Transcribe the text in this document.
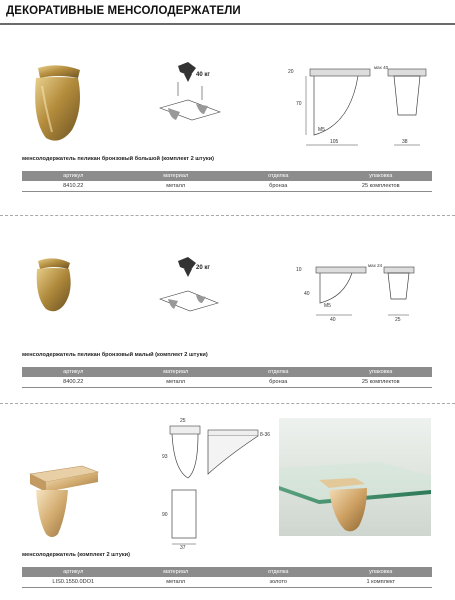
ДЕКОРАТИВНЫЕ МЕНСОЛОДЕРЖАТЕЛИ
40 кг
105
70
20
M5
мах 40
38
менсолодержатель пеликан бронзовый большой (комплект 2 штуки)
артикул	материал	отделка	упаковка
8410.22	металл	бронза	25 комплектов
20 кг	10
40
M5
40
мах 24
25
менсолодержатель пеликан бронзовый малый (комплект 2 штуки)
артикул	материал	отделка	упаковка
8400.22	металл	бронза	25 комплектов
25
93
8-36
90
37
менсолодержатель (комплект 2 штуки)
артикул	материал	отделка	упаковка
LIS0.1550.0DO1	металл	золото	1 комплект
